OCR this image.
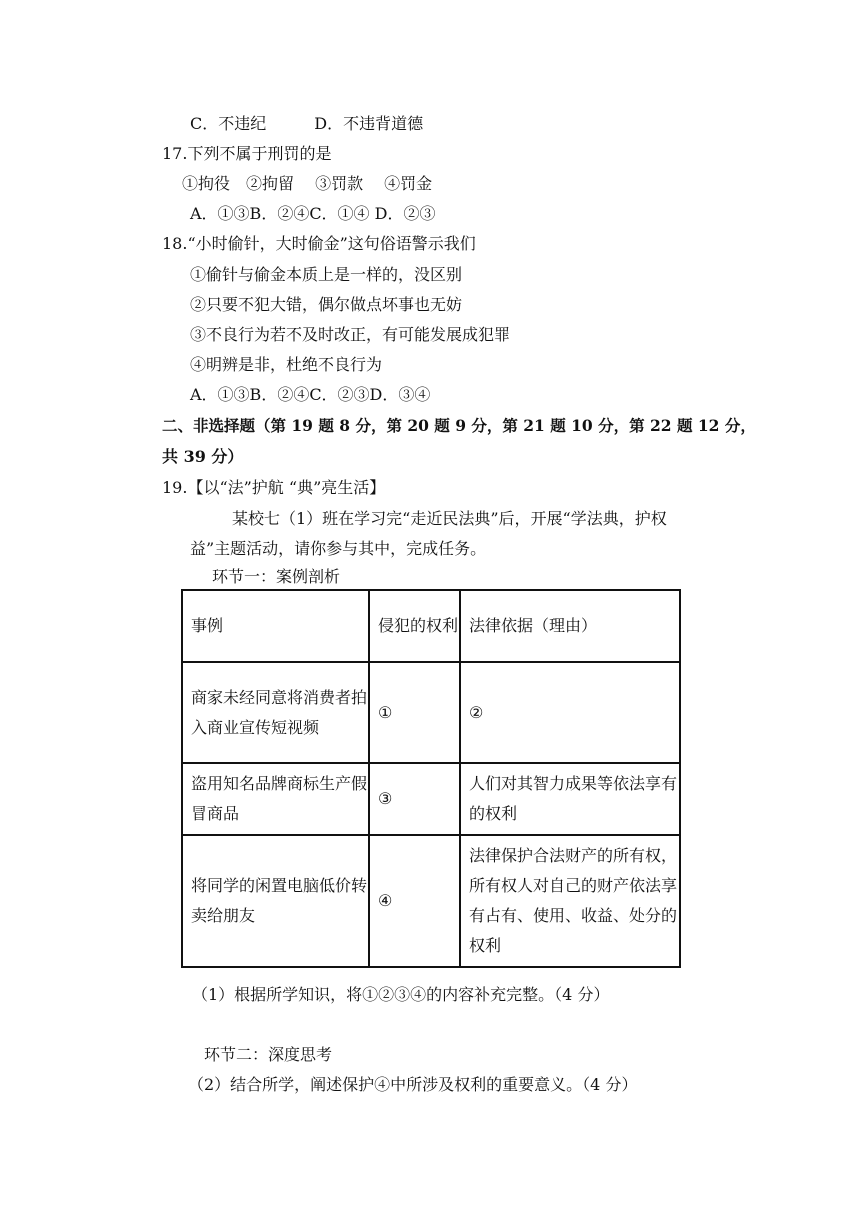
C．不违纪　　　D．不违背道德
17.下列不属于刑罚的是
①拘役　②拘留　 ③罚款　 ④罚金
A．①③B．②④C．①④ D．②③
18.“小时偷针，大时偷金”这句俗语警示我们
①偷针与偷金本质上是一样的，没区别
②只要不犯大错，偶尔做点坏事也无妨
③不良行为若不及时改正，有可能发展成犯罪
④明辨是非，杜绝不良行为
A．①③B．②④C．②③D．③④
二、非选择题（第 19 题 8 分，第 20 题 9 分，第 21 题 10 分，第 22 题 12 分，
共 39 分）
19.【以“法”护航 “典”亮生活】
某校七（1）班在学习完“走近民法典”后，开展“学法典，护权
益”主题活动，请你参与其中，完成任务。
环节一：案例剖析
事例	侵犯的权利	法律依据（理由）
商家未经同意将消费者拍入商业宣传短视频	①	②
盗用知名品牌商标生产假冒商品	③	人们对其智力成果等依法享有的权利
将同学的闲置电脑低价转卖给朋友	④	法律保护合法财产的所有权，所有权人对自己的财产依法享有占有、使用、收益、处分的权利
（1）根据所学知识，将①②③④的内容补充完整。（4 分）
环节二：深度思考
（2）结合所学，阐述保护④中所涉及权利的重要意义。（4 分）
